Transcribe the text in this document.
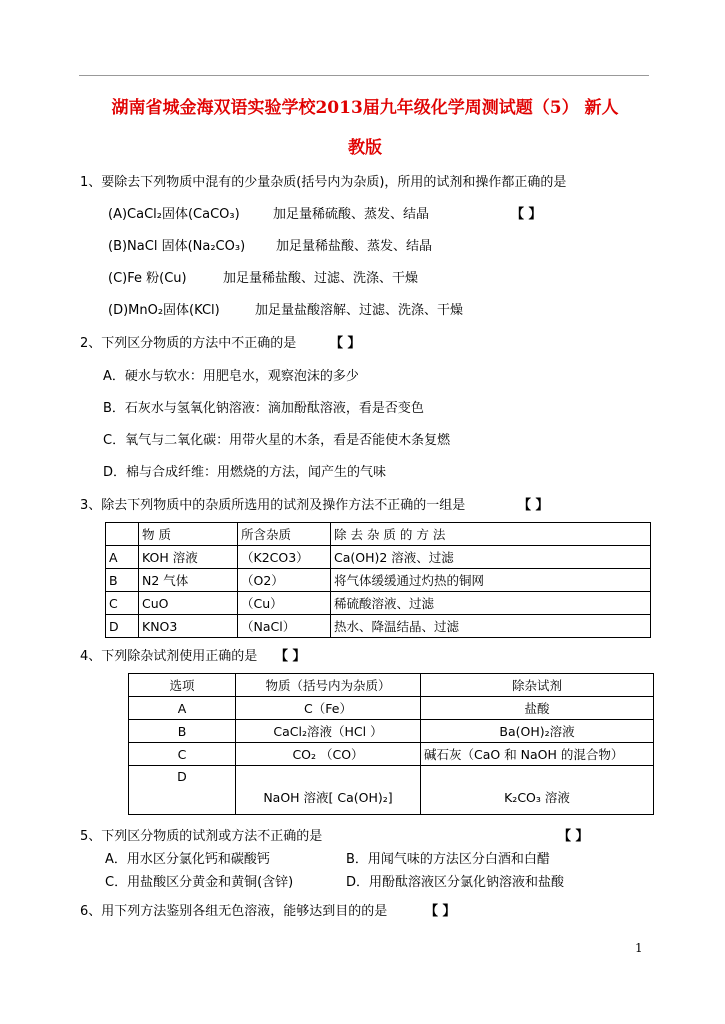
湖南省城金海双语实验学校2013届九年级化学周测试题（5） 新人
教版
1、要除去下列物质中混有的少量杂质(括号内为杂质)，所用的试剂和操作都正确的是
(A)CaCl₂固体(CaCO₃)	加足量稀硫酸、蒸发、结晶	【 】
(B)NaCl 固体(Na₂CO₃) 加足量稀盐酸、蒸发、结晶
(C)Fe 粉(Cu)	加足量稀盐酸、过滤、洗涤、干燥
(D)MnO₂固体(KCl)	加足量盐酸溶解、过滤、洗涤、干燥
2、下列区分物质的方法中不正确的是	【 】
A．硬水与软水：用肥皂水，观察泡沫的多少
B．石灰水与氢氧化钠溶液：滴加酚酞溶液，看是否变色
C．氧气与二氧化碳：用带火星的木条，看是否能使木条复燃
D．棉与合成纤维：用燃烧的方法，闻产生的气味
3、除去下列物质中的杂质所选用的试剂及操作方法不正确的一组是	【 】
	物 质	所含杂质	除 去 杂 质 的 方 法
A	KOH 溶液	（K2CO3）	Ca(OH)2 溶液、过滤
B	N2 气体	（O2）	将气体缓缓通过灼热的铜网
C	CuO	（Cu）	稀硫酸溶液、过滤
D	KNO3	（NaCl）	热水、降温结晶、过滤
4、下列除杂试剂使用正确的是 【 】
选项	物质（括号内为杂质）	除杂试剂
A	C（Fe）	盐酸
B	CaCl₂溶液（HCl ）	Ba(OH)₂溶液
C	CO₂ （CO）	碱石灰（CaO 和 NaOH 的混合物）
D	NaOH 溶液[ Ca(OH)₂]	K₂CO₃ 溶液
5、下列区分物质的试剂或方法不正确的是	【 】
A．用水区分氯化钙和碳酸钙	B．用闻气味的方法区分白酒和白醋
C．用盐酸区分黄金和黄铜(含锌)	D．用酚酞溶液区分氯化钠溶液和盐酸
6、用下列方法鉴别各组无色溶液，能够达到目的的是	【 】
1
